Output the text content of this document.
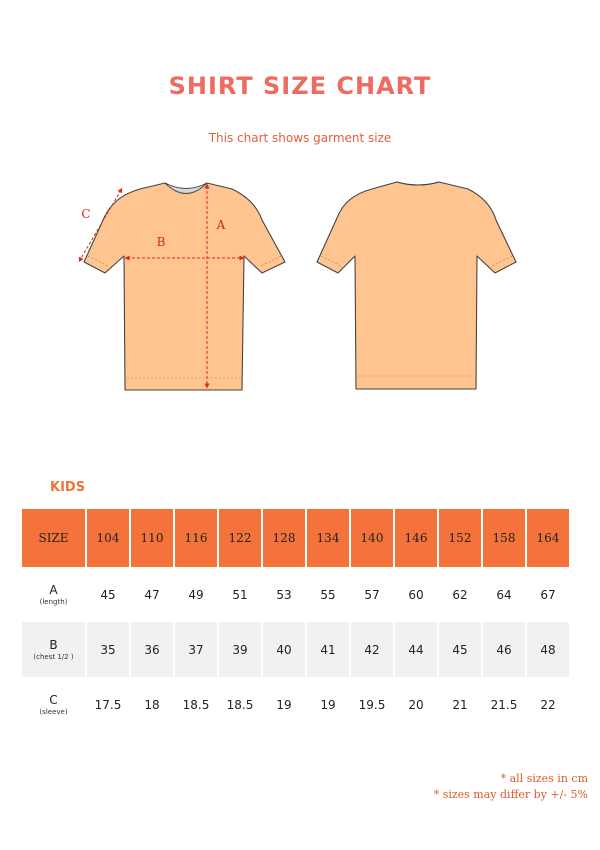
SHIRT SIZE CHART
This chart shows garment size
A
B
C
KIDS
SIZE	104	110	116	122	128	134	140	146	152	158	164

A
(length)	45	47	49	51	53	55	57	60	62	64	67

B
(chest 1/2 )	35	36	37	39	40	41	42	44	45	46	48

C
(sleeve)	17.5	18	18.5	18.5	19	19	19.5	20	21	21.5	22
* all sizes in cm
* sizes may differ by +/- 5%
